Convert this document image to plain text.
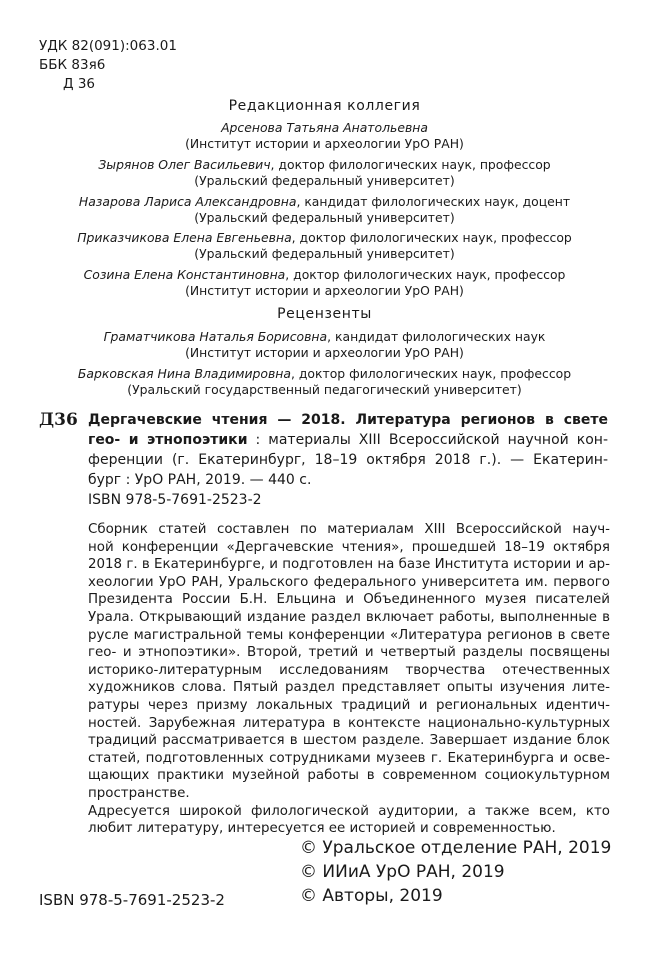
УДК 82(091):063.01
ББК 83я6
Д 36
Редакционная коллегия
Арсенова Татьяна Анатольевна
(Институт истории и археологии УрО РАН)
Зырянов Олег Васильевич, доктор филологических наук, профессор
(Уральский федеральный университет)
Назарова Лариса Александровна, кандидат филологических наук, доцент
(Уральский федеральный университет)
Приказчикова Елена Евгеньевна, доктор филологических наук, профессор
(Уральский федеральный университет)
Созина Елена Константиновна, доктор филологических наук, профессор
(Институт истории и археологии УрО РАН)
Рецензенты
Граматчикова Наталья Борисовна, кандидат филологических наук
(Институт истории и археологии УрО РАН)
Барковская Нина Владимировна, доктор филологических наук, профессор
(Уральский государственный педагогический университет)
Д36 Дергачевские чтения — 2018. Литература регионов в свете
гео- и этнопоэтики : материалы XIII Всероссийской научной кон-
ференции (г. Екатеринбург, 18–19 октября 2018 г.). — Екатерин-
бург : УрО РАН, 2019. — 440 с.
ISBN 978-5-7691-2523-2
Сборник статей составлен по материалам XIII Всероссийской науч-
ной конференции «Дергачевские чтения», прошедшей 18–19 октября
2018 г. в Екатеринбурге, и подготовлен на базе Института истории и ар-
хеологии УрО РАН, Уральского федерального университета им. первого
Президента России Б.Н. Ельцина и Объединенного музея писателей
Урала. Открывающий издание раздел включает работы, выполненные в
русле магистральной темы конференции «Литература регионов в свете
гео- и этнопоэтики». Второй, третий и четвертый разделы посвящены
историко-литературным исследованиям творчества отечественных
художников слова. Пятый раздел представляет опыты изучения лите-
ратуры через призму локальных традиций и региональных идентич-
ностей. Зарубежная литература в контексте национально-культурных
традиций рассматривается в шестом разделе. Завершает издание блок
статей, подготовленных сотрудниками музеев г. Екатеринбурга и осве-
щающих практики музейной работы в современном социокультурном
пространстве.
Адресуется широкой филологической аудитории, а также всем, кто
любит литературу, интересуется ее историей и современностью.
© Уральское отделение РАН, 2019
© ИИиА УрО РАН, 2019
© Авторы, 2019
ISBN 978-5-7691-2523-2
